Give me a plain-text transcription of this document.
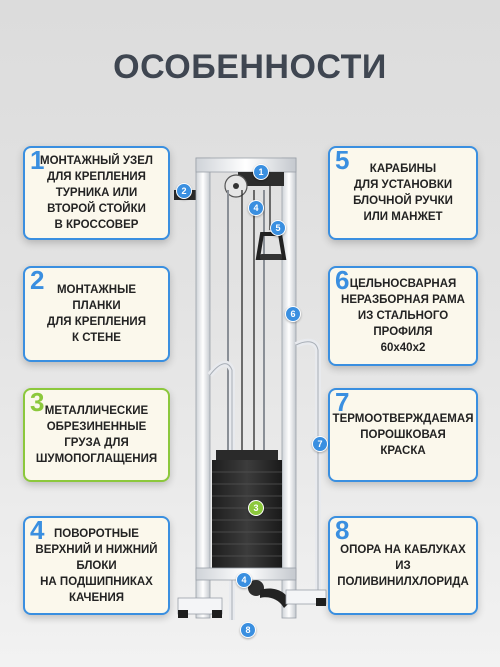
ОСОБЕННОСТИ
1
МОНТАЖНЫЙ УЗЕЛ
ДЛЯ КРЕПЛЕНИЯ
ТУРНИКА ИЛИ
ВТОРОЙ СТОЙКИ
В КРОССОВЕР
2	МОНТАЖНЫЕ
ПЛАНКИ
ДЛЯ КРЕПЛЕНИЯ
К СТЕНЕ
3 МЕТАЛЛИЧЕСКИЕ
ОБРЕЗИНЕННЫЕ
ГРУЗА ДЛЯ
ШУМОПОГЛАЩЕНИЯ
4 ПОВОРОТНЫЕ
ВЕРХНИЙ И НИЖНИЙ
БЛОКИ
НА ПОДШИПНИКАХ
КАЧЕНИЯ
5	КАРАБИНЫ
ДЛЯ УСТАНОВКИ
БЛОЧНОЙ РУЧКИ
ИЛИ МАНЖЕТ
6 ЦЕЛЬНОСВАРНАЯ
НЕРАЗБОРНАЯ РАМА
ИЗ СТАЛЬНОГО
ПРОФИЛЯ
60х40х2
7
ТЕРМООТВЕРЖДАЕМАЯ
ПОРОШКОВАЯ
КРАСКА
8
ОПОРА НА КАБЛУКАХ
ИЗ
ПОЛИВИНИЛХЛОРИДА
1
2
3
4
4
5
6
7
8
